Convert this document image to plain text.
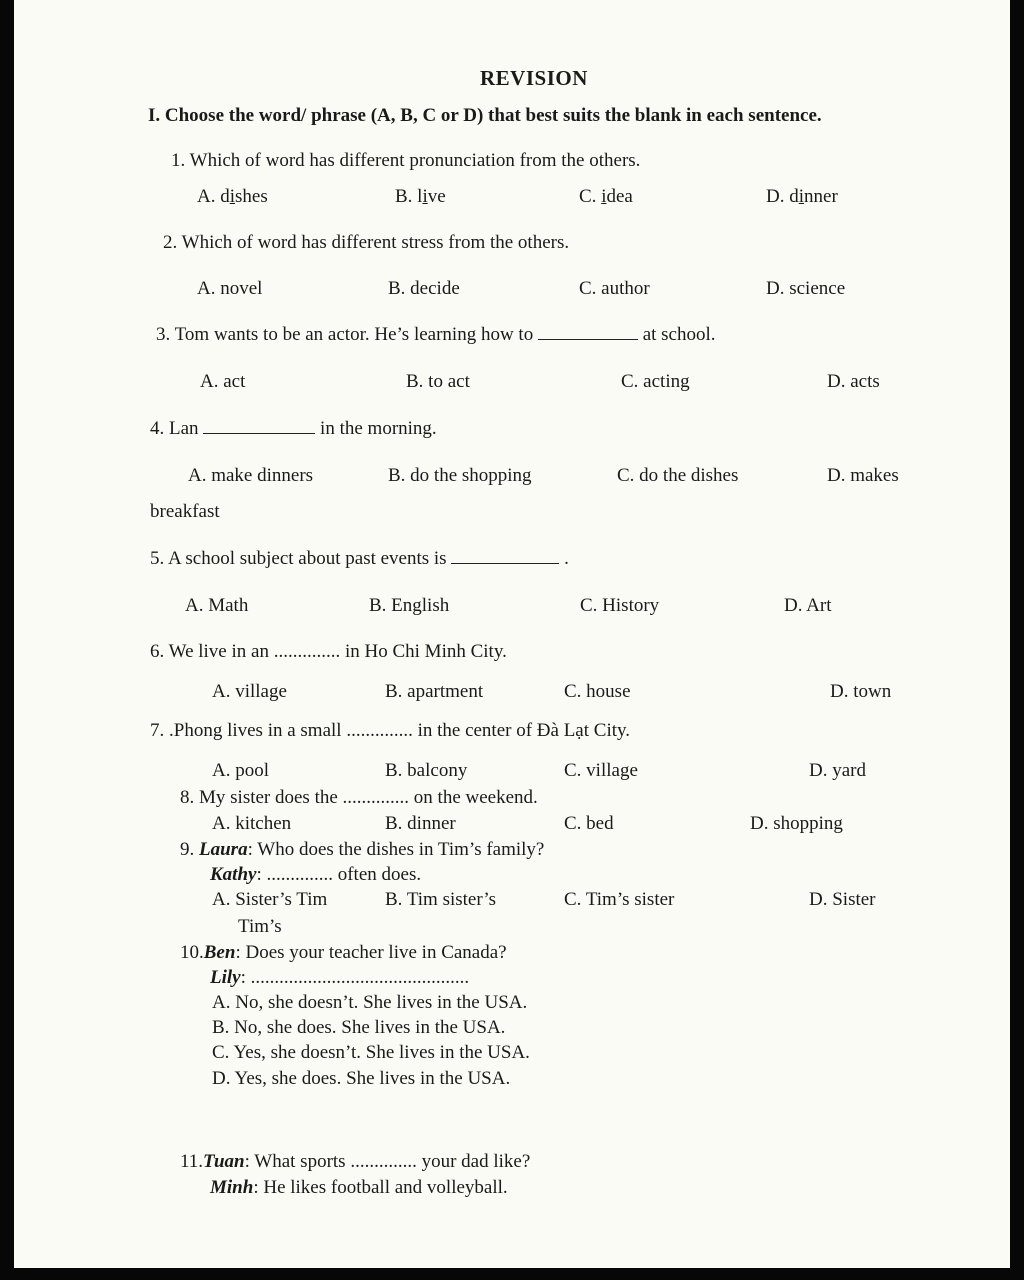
REVISION
I. Choose the word/ phrase (A, B, C or D) that best suits the blank in each sentence.
1. Which of word has different pronunciation from the others.
A. dishes	B. live	C. idea	D. dinner
2. Which of word has different stress from the others.
A. novel	B. decide	C. author	D. science
3. Tom wants to be an actor. He’s learning how to	at school.
A. act	B. to act	C. acting	D. acts
4. Lan	in the morning.
A. make dinners	B. do the shopping	C. do the dishes	D. makes
breakfast
5. A school subject about past events is	.
A. Math	B. English	C. History	D. Art
6. We live in an .............. in Ho Chi Minh City.
A. village	B. apartment	C. house	D. town
7. .Phong lives in a small .............. in the center of Đà Lạt City.
A. pool	B. balcony	C. village	D. yard
8. My sister does the .............. on the weekend.
A. kitchen	B. dinner	C. bed	D. shopping
9. Laura: Who does the dishes in Tim’s family?
Kathy: .............. often does.
A. Sister’s Tim
Tim’s
B. Tim sister’s	C. Tim’s sister	D. Sister
10.Ben: Does your teacher live in Canada?
Lily: ..............................................
A. No, she doesn’t. She lives in the USA.
B. No, she does. She lives in the USA.
C. Yes, she doesn’t. She lives in the USA.
D. Yes, she does. She lives in the USA.
11.Tuan: What sports .............. your dad like?
Minh: He likes football and volleyball.
